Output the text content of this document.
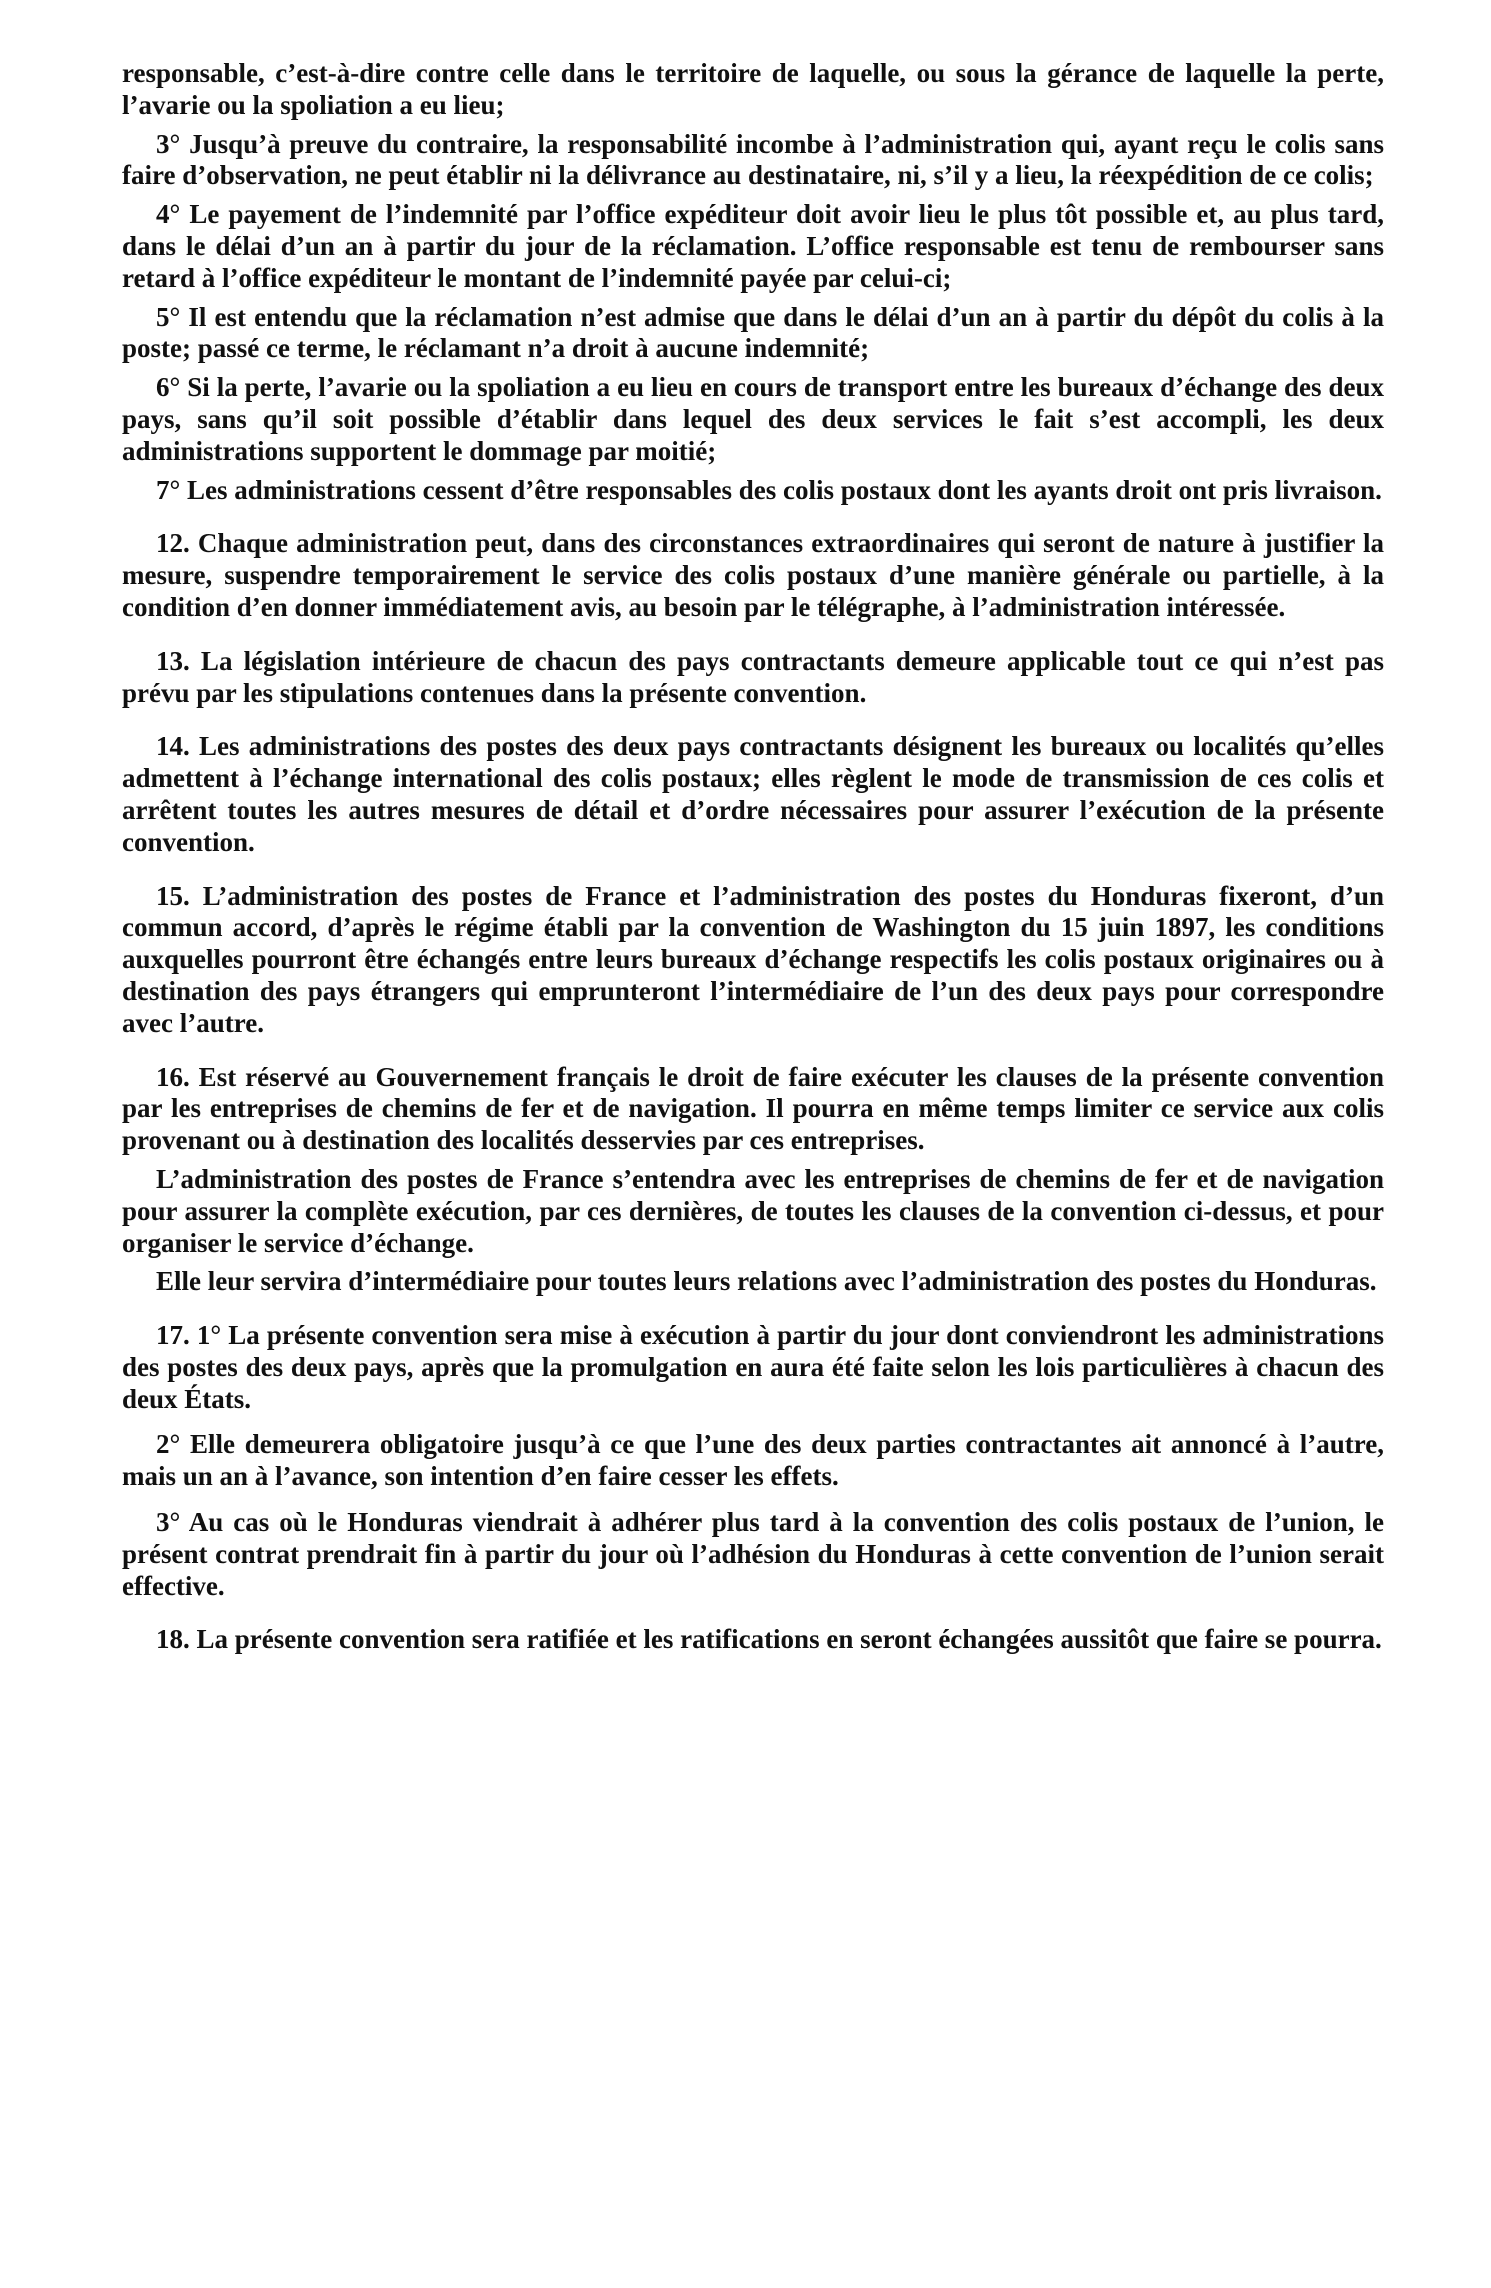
responsable, c’est-à-dire contre celle dans le territoire de laquelle, ou sous la gérance de laquelle la perte, l’avarie ou la spoliation a eu lieu;

3° Jusqu’à preuve du contraire, la responsabilité incombe à l’administration qui, ayant reçu le colis sans faire d’observation, ne peut établir ni la délivrance au destinataire, ni, s’il y a lieu, la réexpédition de ce colis;

4° Le payement de l’indemnité par l’office expéditeur doit avoir lieu le plus tôt possible et, au plus tard, dans le délai d’un an à partir du jour de la réclamation. L’office responsable est tenu de rembourser sans retard à l’office expéditeur le montant de l’indemnité payée par celui-ci;

5° Il est entendu que la réclamation n’est admise que dans le délai d’un an à partir du dépôt du colis à la poste; passé ce terme, le réclamant n’a droit à aucune indemnité;

6° Si la perte, l’avarie ou la spoliation a eu lieu en cours de transport entre les bureaux d’échange des deux pays, sans qu’il soit possible d’établir dans lequel des deux services le fait s’est accompli, les deux administrations supportent le dommage par moitié;

7° Les administrations cessent d’être responsables des colis postaux dont les ayants droit ont pris livraison.

12. Chaque administration peut, dans des circonstances extraordinaires qui seront de nature à justifier la mesure, suspendre temporairement le service des colis postaux d’une manière générale ou partielle, à la condition d’en donner immédiatement avis, au besoin par le télégraphe, à l’administration intéressée.

13. La législation intérieure de chacun des pays contractants demeure applicable tout ce qui n’est pas prévu par les stipulations contenues dans la présente convention.

14. Les administrations des postes des deux pays contractants désignent les bureaux ou localités qu’elles admettent à l’échange international des colis postaux; elles règlent le mode de transmission de ces colis et arrêtent toutes les autres mesures de détail et d’ordre nécessaires pour assurer l’exécution de la présente convention.

15. L’administration des postes de France et l’administration des postes du Honduras fixeront, d’un commun accord, d’après le régime établi par la convention de Washington du 15 juin 1897, les conditions auxquelles pourront être échangés entre leurs bureaux d’échange respectifs les colis postaux originaires ou à destination des pays étrangers qui emprunteront l’intermédiaire de l’un des deux pays pour correspondre avec l’autre.

16. Est réservé au Gouvernement français le droit de faire exécuter les clauses de la présente convention par les entreprises de chemins de fer et de navigation. Il pourra en même temps limiter ce service aux colis provenant ou à destination des localités desservies par ces entreprises.

L’administration des postes de France s’entendra avec les entreprises de chemins de fer et de navigation pour assurer la complète exécution, par ces dernières, de toutes les clauses de la convention ci-dessus, et pour organiser le service d’échange.

Elle leur servira d’intermédiaire pour toutes leurs relations avec l’administration des postes du Honduras.

17. 1° La présente convention sera mise à exécution à partir du jour dont conviendront les administrations des postes des deux pays, après que la promulgation en aura été faite selon les lois particulières à chacun des deux États.

2° Elle demeurera obligatoire jusqu’à ce que l’une des deux parties contractantes ait annoncé à l’autre, mais un an à l’avance, son intention d’en faire cesser les effets.

3° Au cas où le Honduras viendrait à adhérer plus tard à la convention des colis postaux de l’union, le présent contrat prendrait fin à partir du jour où l’adhésion du Honduras à cette convention de l’union serait effective.

18. La présente convention sera ratifiée et les ratifications en seront échangées aussitôt que faire se pourra.
